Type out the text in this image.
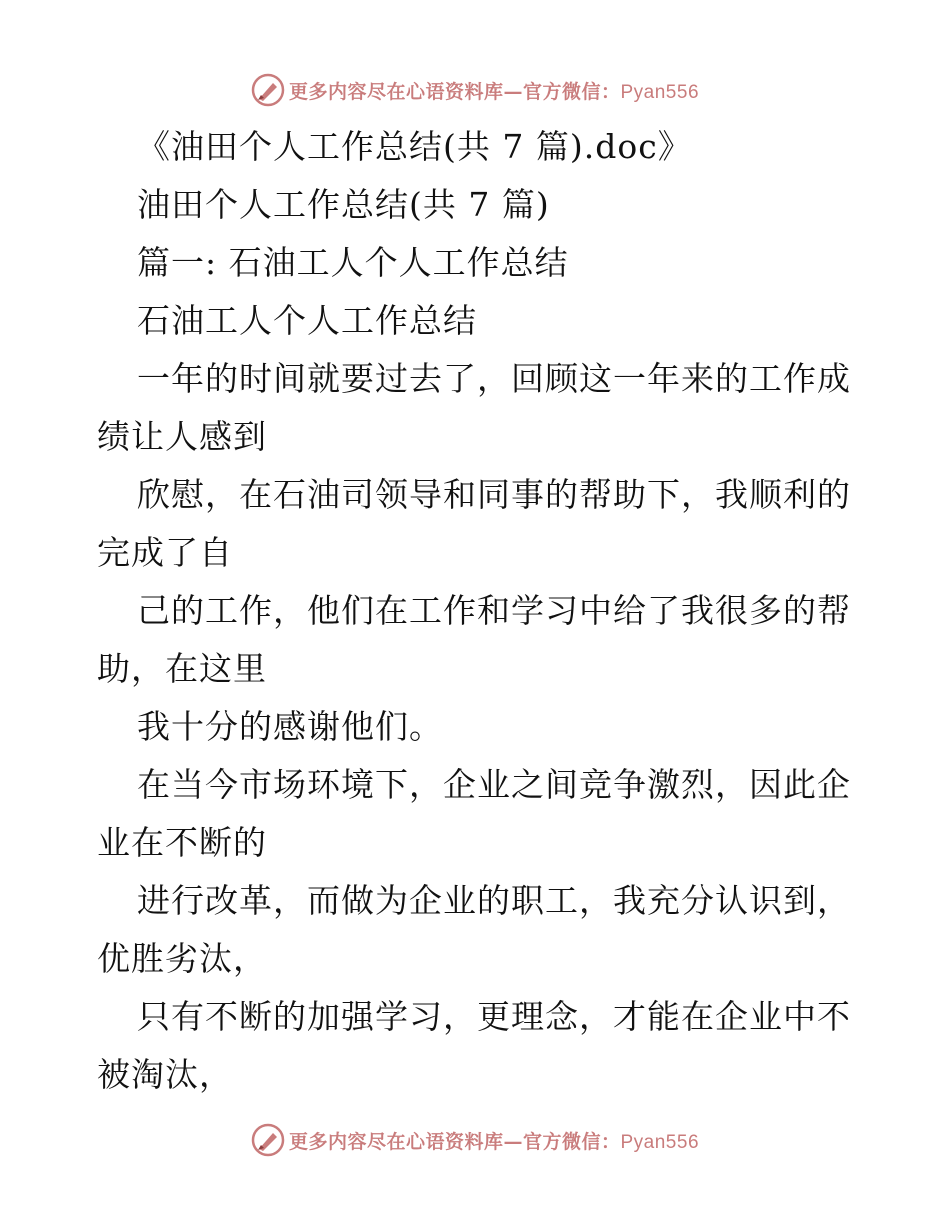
更多内容尽在心语资料库—官方微信：Pyan556
《油田个人工作总结(共 7 篇).doc》
油田个人工作总结(共 7 篇)
篇一: 石油工人个人工作总结
石油工人个人工作总结
一年的时间就要过去了，回顾这一年来的工作成
绩让人感到
欣慰，在石油司领导和同事的帮助下，我顺利的
完成了自
己的工作，他们在工作和学习中给了我很多的帮
助，在这里
我十分的感谢他们。
在当今市场环境下，企业之间竞争激烈，因此企
业在不断的
进行改革，而做为企业的职工，我充分认识到，
优胜劣汰，
只有不断的加强学习，更理念，才能在企业中不
被淘汰，
更多内容尽在心语资料库—官方微信：Pyan556
